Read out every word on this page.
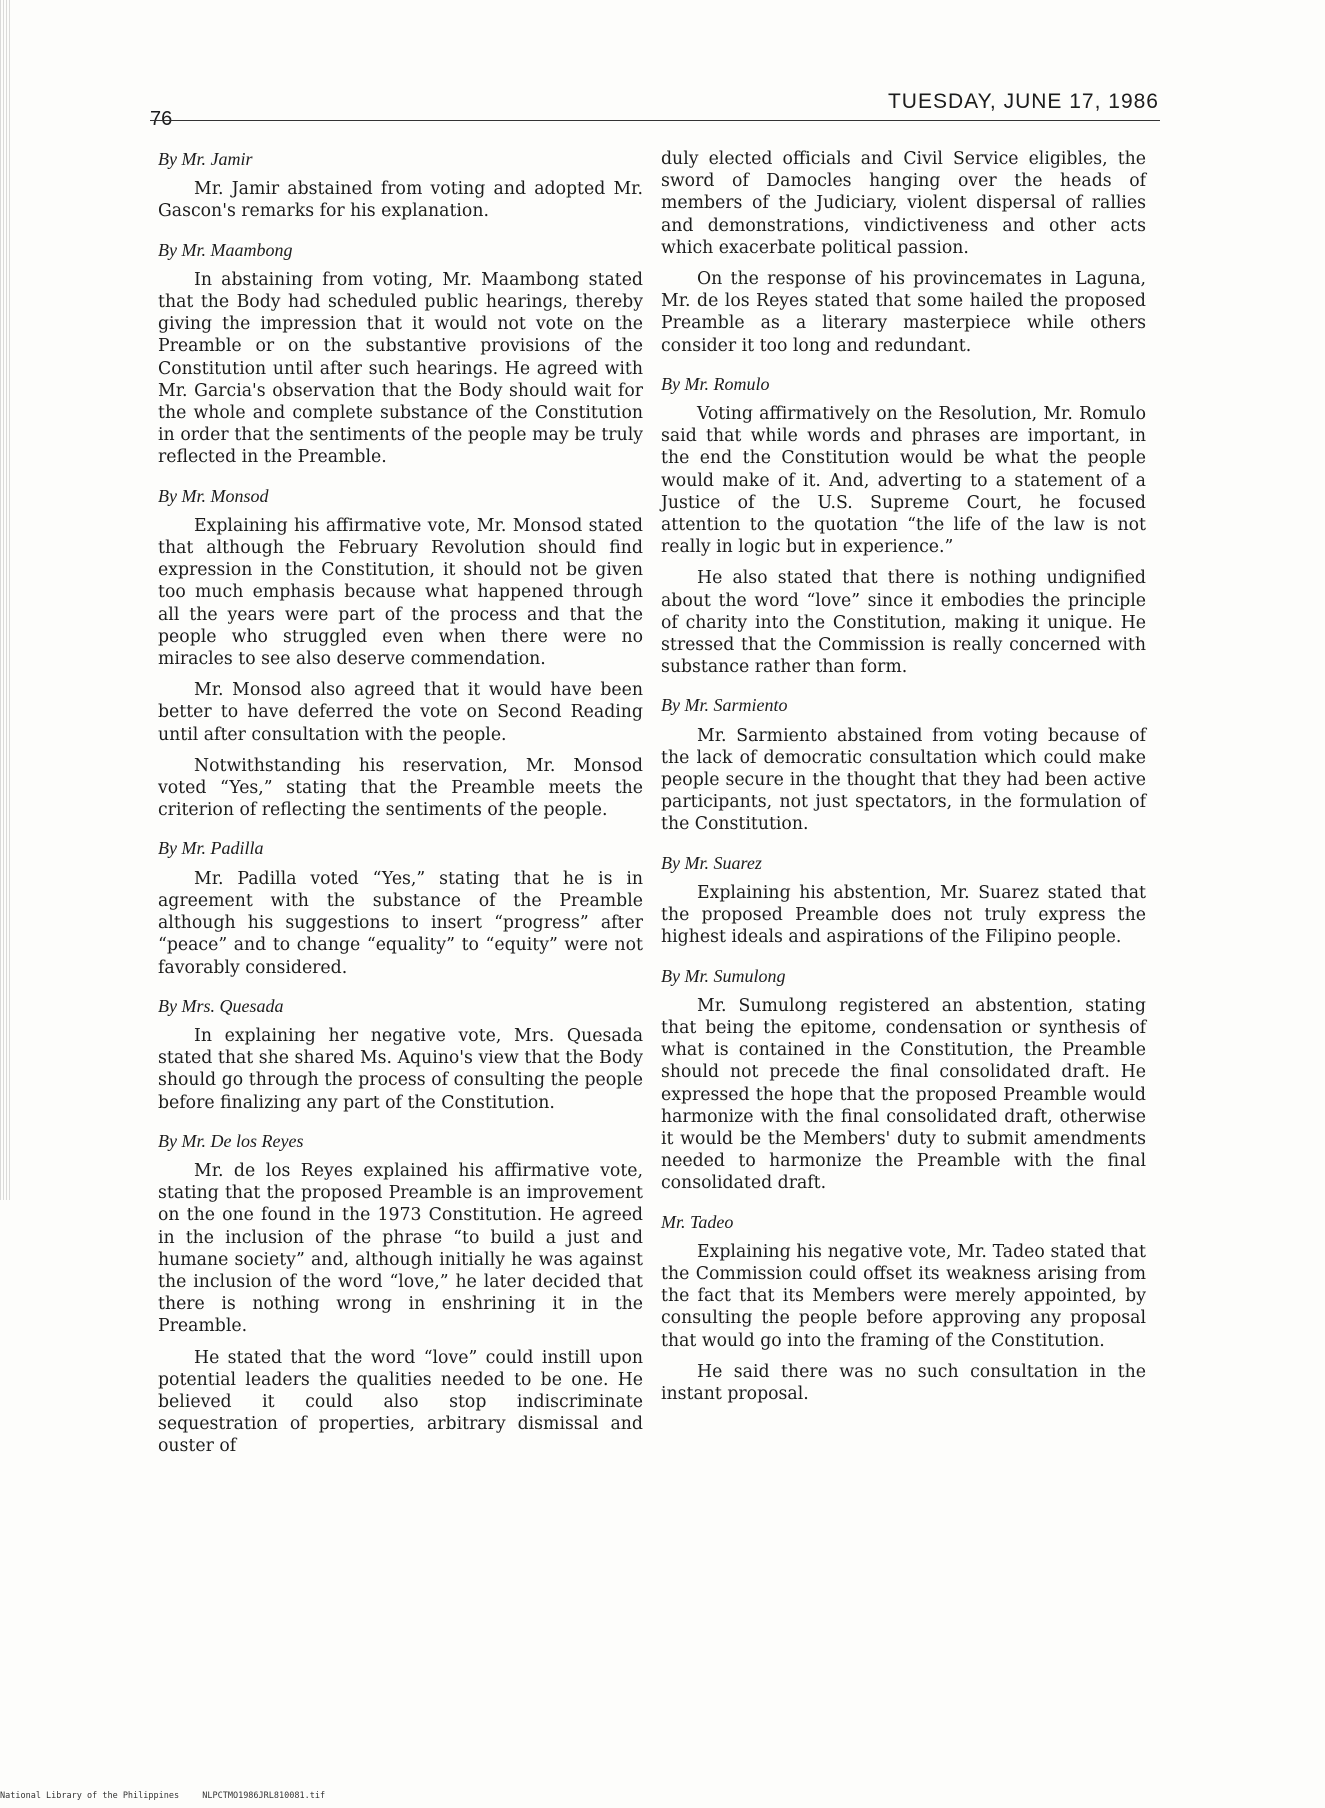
76
TUESDAY, JUNE 17, 1986
By Mr. Jamir

Mr. Jamir abstained from voting and adopted Mr. Gascon's remarks for his explanation.

By Mr. Maambong

In abstaining from voting, Mr. Maambong stated that the Body had scheduled public hearings, thereby giving the impression that it would not vote on the Preamble or on the substantive provisions of the Constitution until after such hearings. He agreed with Mr. Garcia's observation that the Body should wait for the whole and complete substance of the Constitution in order that the sentiments of the people may be truly reflected in the Preamble.

By Mr. Monsod

Explaining his affirmative vote, Mr. Monsod stated that although the February Revolution should find expression in the Constitution, it should not be given too much emphasis because what happened through all the years were part of the process and that the people who struggled even when there were no miracles to see also deserve commendation.

Mr. Monsod also agreed that it would have been better to have deferred the vote on Second Reading until after consultation with the people.

Notwithstanding his reservation, Mr. Monsod voted “Yes,” stating that the Preamble meets the criterion of reflecting the sentiments of the people.

By Mr. Padilla

Mr. Padilla voted “Yes,” stating that he is in agreement with the substance of the Preamble although his suggestions to insert “progress” after “peace” and to change “equality” to “equity” were not favorably considered.

By Mrs. Quesada

In explaining her negative vote, Mrs. Quesada stated that she shared Ms. Aquino's view that the Body should go through the process of consulting the people before finalizing any part of the Constitution.

By Mr. De los Reyes

Mr. de los Reyes explained his affirmative vote, stating that the proposed Preamble is an improvement on the one found in the 1973 Constitution. He agreed in the inclusion of the phrase “to build a just and humane society” and, although initially he was against the inclusion of the word “love,” he later decided that there is nothing wrong in enshrining it in the Preamble.

He stated that the word “love” could instill upon potential leaders the qualities needed to be one. He believed it could also stop indiscriminate sequestration of properties, arbitrary dismissal and ouster of

duly elected officials and Civil Service eligibles, the sword of Damocles hanging over the heads of members of the Judiciary, violent dispersal of rallies and demonstrations, vindictiveness and other acts which exacerbate political passion.

On the response of his provincemates in Laguna, Mr. de los Reyes stated that some hailed the proposed Preamble as a literary masterpiece while others consider it too long and redundant.

By Mr. Romulo

Voting affirmatively on the Resolution, Mr. Romulo said that while words and phrases are important, in the end the Constitution would be what the people would make of it. And, adverting to a statement of a Justice of the U.S. Supreme Court, he focused attention to the quotation “the life of the law is not really in logic but in experience.”

He also stated that there is nothing undignified about the word “love” since it embodies the principle of charity into the Constitution, making it unique. He stressed that the Commission is really concerned with substance rather than form.

By Mr. Sarmiento

Mr. Sarmiento abstained from voting because of the lack of democratic consultation which could make people secure in the thought that they had been active participants, not just spectators, in the formulation of the Constitution.

By Mr. Suarez

Explaining his abstention, Mr. Suarez stated that the proposed Preamble does not truly express the highest ideals and aspirations of the Filipino people.

By Mr. Sumulong

Mr. Sumulong registered an abstention, stating that being the epitome, condensation or synthesis of what is contained in the Constitution, the Preamble should not precede the final consolidated draft. He expressed the hope that the proposed Preamble would harmonize with the final consolidated draft, otherwise it would be the Members' duty to submit amendments needed to harmonize the Preamble with the final consolidated draft.

Mr. Tadeo

Explaining his negative vote, Mr. Tadeo stated that the Commission could offset its weakness arising from the fact that its Members were merely appointed, by consulting the people before approving any proposal that would go into the framing of the Constitution.

He said there was no such consultation in the instant proposal.

National Library of the Philippines	NLPCTMO1986JRL810081.tif
